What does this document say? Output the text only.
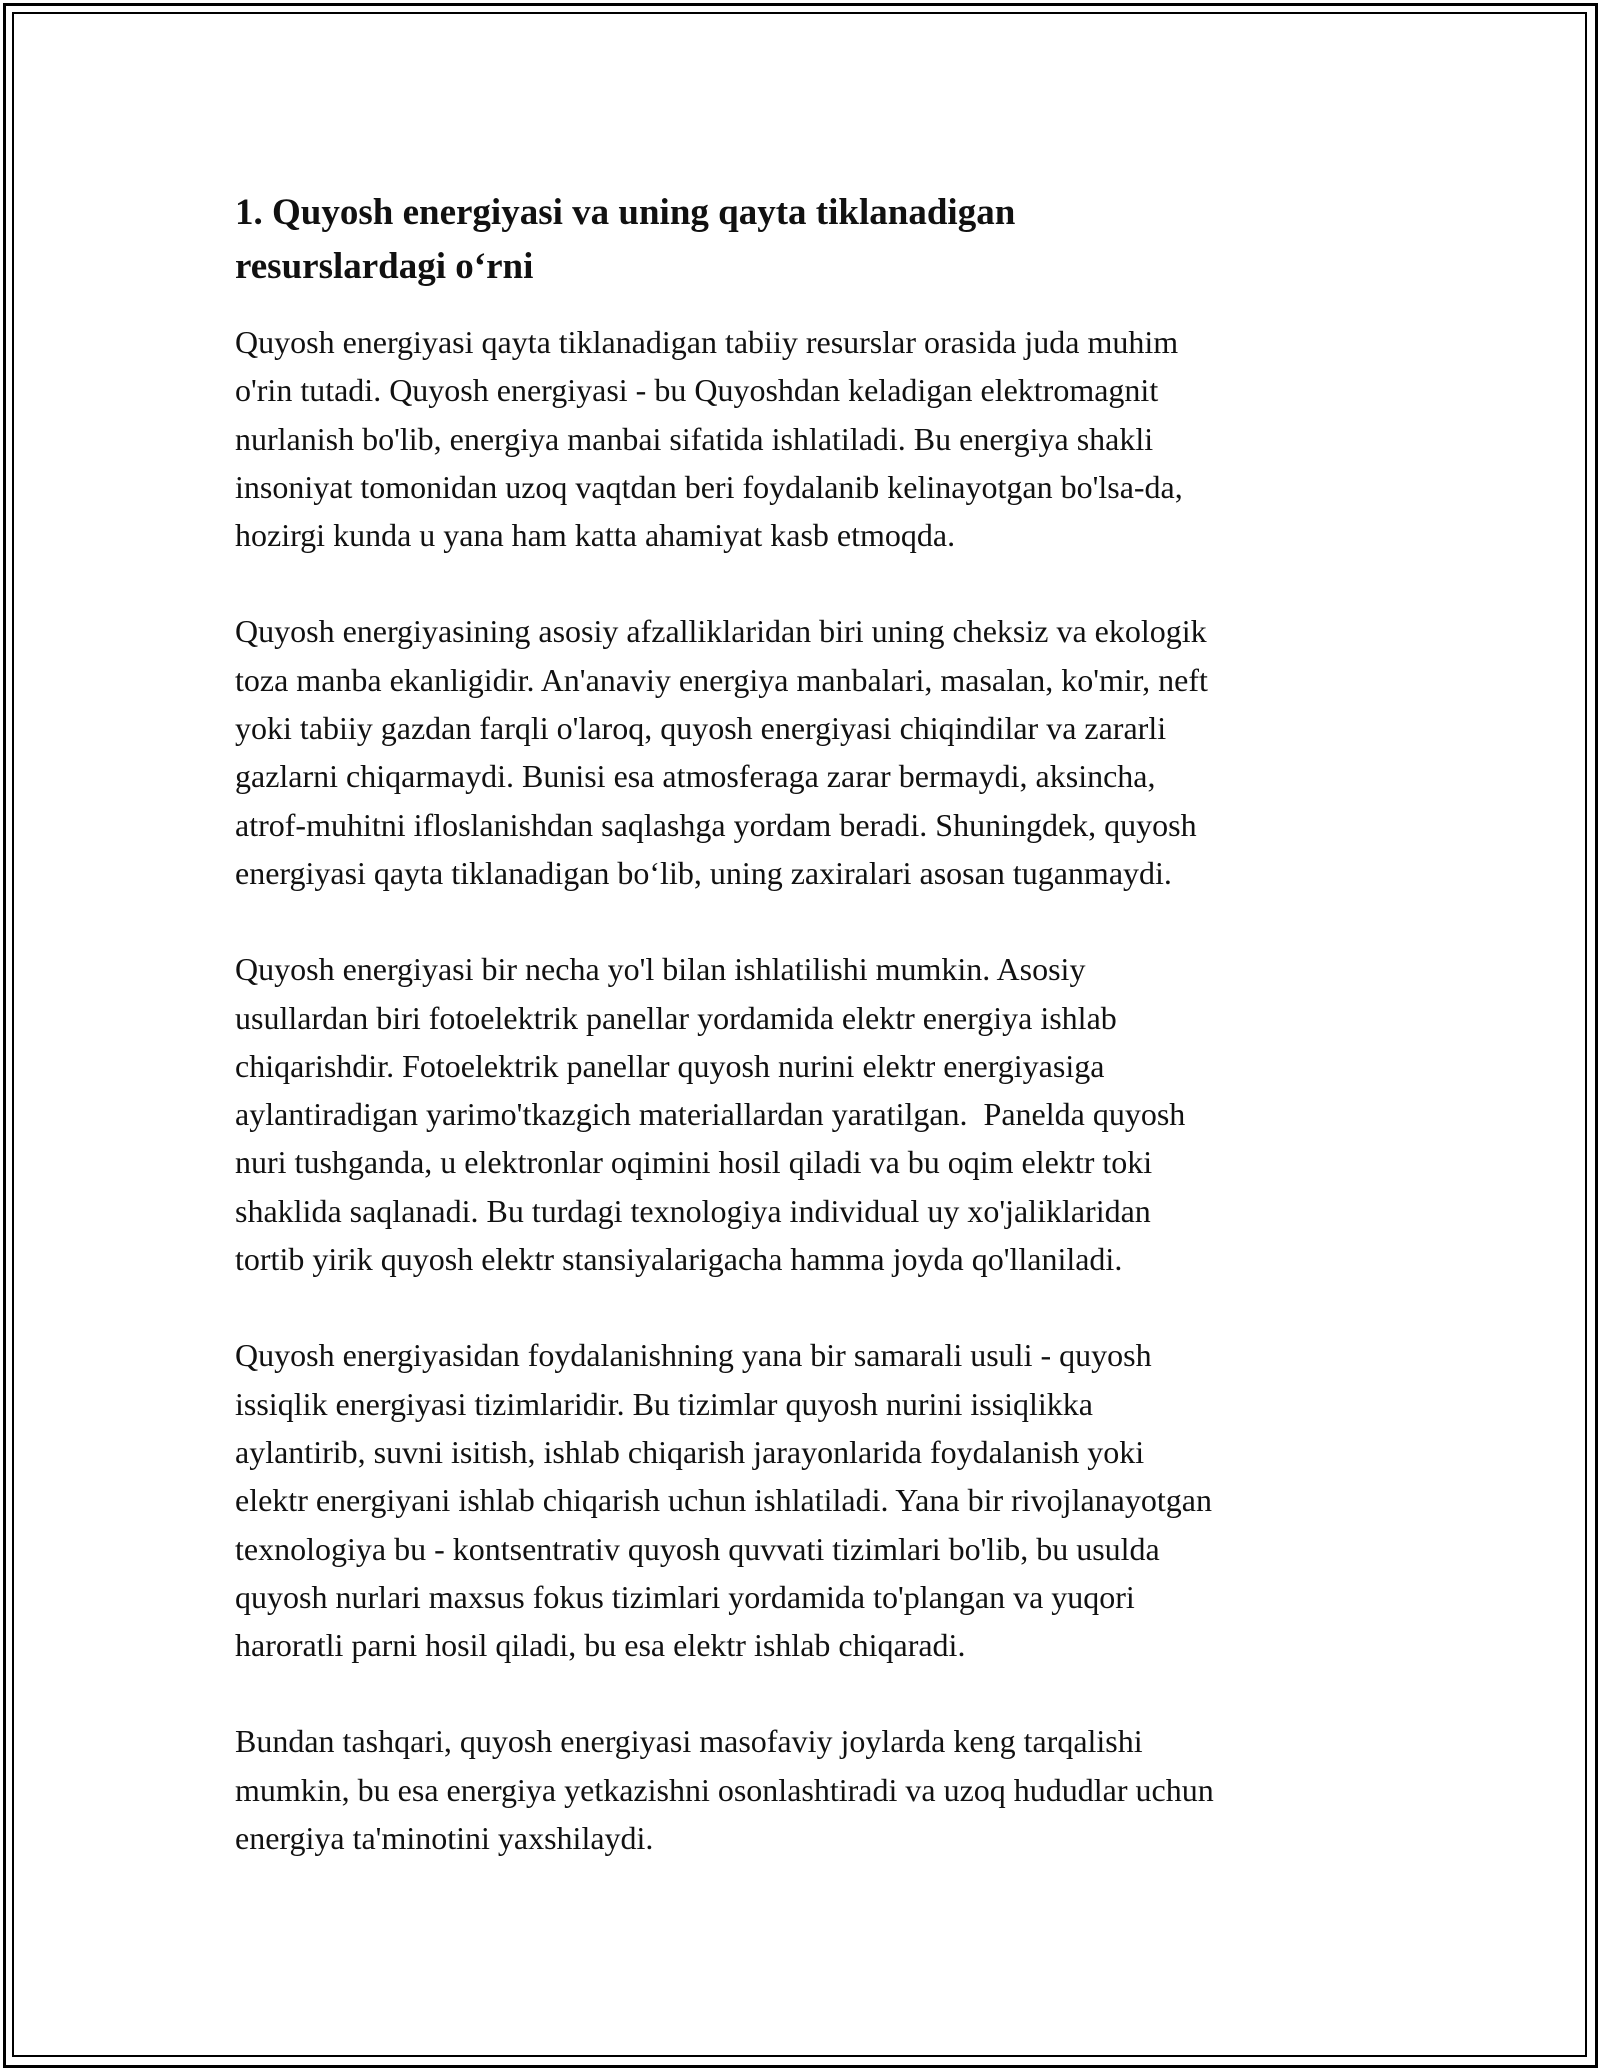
1. Quyosh energiyasi va uning qayta tiklanadigan
resurslardagi o‘rni

Quyosh energiyasi qayta tiklanadigan tabiiy resurslar orasida juda muhim
o'rin tutadi. Quyosh energiyasi - bu Quyoshdan keladigan elektromagnit
nurlanish bo'lib, energiya manbai sifatida ishlatiladi. Bu energiya shakli
insoniyat tomonidan uzoq vaqtdan beri foydalanib kelinayotgan bo'lsa-da,
hozirgi kunda u yana ham katta ahamiyat kasb etmoqda.

Quyosh energiyasining asosiy afzalliklaridan biri uning cheksiz va ekologik
toza manba ekanligidir. An'anaviy energiya manbalari, masalan, ko'mir, neft
yoki tabiiy gazdan farqli o'laroq, quyosh energiyasi chiqindilar va zararli
gazlarni chiqarmaydi. Bunisi esa atmosferaga zarar bermaydi, aksincha,
atrof-muhitni ifloslanishdan saqlashga yordam beradi. Shuningdek, quyosh
energiyasi qayta tiklanadigan bo‘lib, uning zaxiralari asosan tuganmaydi.

Quyosh energiyasi bir necha yo'l bilan ishlatilishi mumkin. Asosiy
usullardan biri fotoelektrik panellar yordamida elektr energiya ishlab
chiqarishdir. Fotoelektrik panellar quyosh nurini elektr energiyasiga
aylantiradigan yarimo'tkazgich materiallardan yaratilgan.  Panelda quyosh
nuri tushganda, u elektronlar oqimini hosil qiladi va bu oqim elektr toki
shaklida saqlanadi. Bu turdagi texnologiya individual uy xo'jaliklaridan
tortib yirik quyosh elektr stansiyalarigacha hamma joyda qo'llaniladi.

Quyosh energiyasidan foydalanishning yana bir samarali usuli - quyosh
issiqlik energiyasi tizimlaridir. Bu tizimlar quyosh nurini issiqlikka
aylantirib, suvni isitish, ishlab chiqarish jarayonlarida foydalanish yoki
elektr energiyani ishlab chiqarish uchun ishlatiladi. Yana bir rivojlanayotgan
texnologiya bu - kontsentrativ quyosh quvvati tizimlari bo'lib, bu usulda
quyosh nurlari maxsus fokus tizimlari yordamida to'plangan va yuqori
haroratli parni hosil qiladi, bu esa elektr ishlab chiqaradi.

Bundan tashqari, quyosh energiyasi masofaviy joylarda keng tarqalishi
mumkin, bu esa energiya yetkazishni osonlashtiradi va uzoq hududlar uchun
energiya ta'minotini yaxshilaydi.
